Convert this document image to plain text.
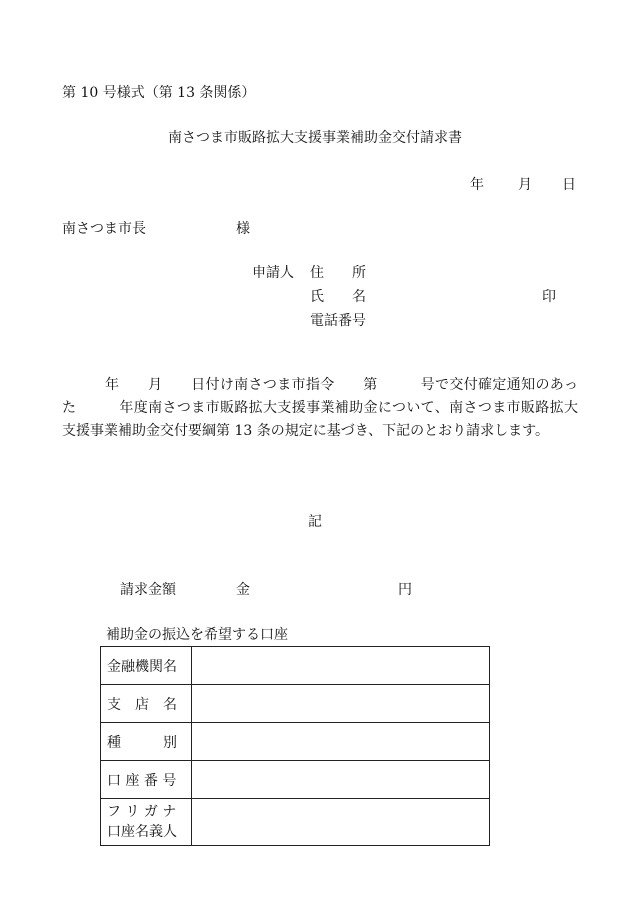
第 10 号様式（第 13 条関係）
南さつま市販路拡大支援事業補助金交付請求書
年 月 日
南さつま市長	様
申請人 住　　所
氏　　名	印
電話番号
　　　年　　月　　日付け南さつま市指令　　第　　　号で交付確定通知のあった　　　年度南さつま市販路拡大支援事業補助金について、南さつま市販路拡大支援事業補助金交付要綱第 13 条の規定に基づき、下記のとおり請求します。
記
請求金額	金	円
補助金の振込を希望する口座
金融機関名	
支　店　名	
種　　　別	
口 座 番 号	

フ リ ガ ナ
口座名義人	
